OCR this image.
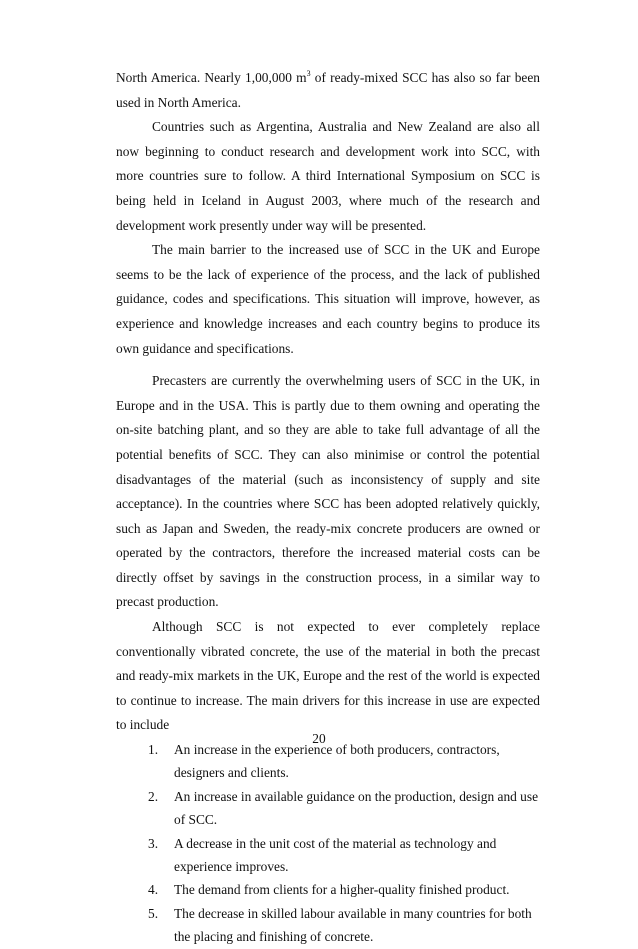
North America. Nearly 1,00,000 $m^3$ of ready-mixed SCC has also so far been used in North America.

Countries such as Argentina, Australia and New Zealand are also all now beginning to conduct research and development work into SCC, with more countries sure to follow. A third International Symposium on SCC is being held in Iceland in August 2003, where much of the research and development work presently under way will be presented.

The main barrier to the increased use of SCC in the UK and Europe seems to be the lack of experience of the process, and the lack of published guidance, codes and specifications. This situation will improve, however, as experience and knowledge increases and each country begins to produce its own guidance and specifications.

Precasters are currently the overwhelming users of SCC in the UK, in Europe and in the USA. This is partly due to them owning and operating the on-site batching plant, and so they are able to take full advantage of all the potential benefits of SCC. They can also minimise or control the potential disadvantages of the material (such as inconsistency of supply and site acceptance). In the countries where SCC has been adopted relatively quickly, such as Japan and Sweden, the ready-mix concrete producers are owned or operated by the contractors, therefore the increased material costs can be directly offset by savings in the construction process, in a similar way to precast production.

Although SCC is not expected to ever completely replace conventionally vibrated concrete, the use of the material in both the precast and ready-mix markets in the UK, Europe and the rest of the world is expected to continue to increase. The main drivers for this increase in use are expected to include

1.	An increase in the experience of both producers, contractors, designers and clients.
2.	An increase in available guidance on the production, design and use of SCC.
3.	A decrease in the unit cost of the material as technology and experience improves.
4.	The demand from clients for a higher-quality finished product.
5.	The decrease in skilled labour available in many countries for both the placing and finishing of concrete.
20
